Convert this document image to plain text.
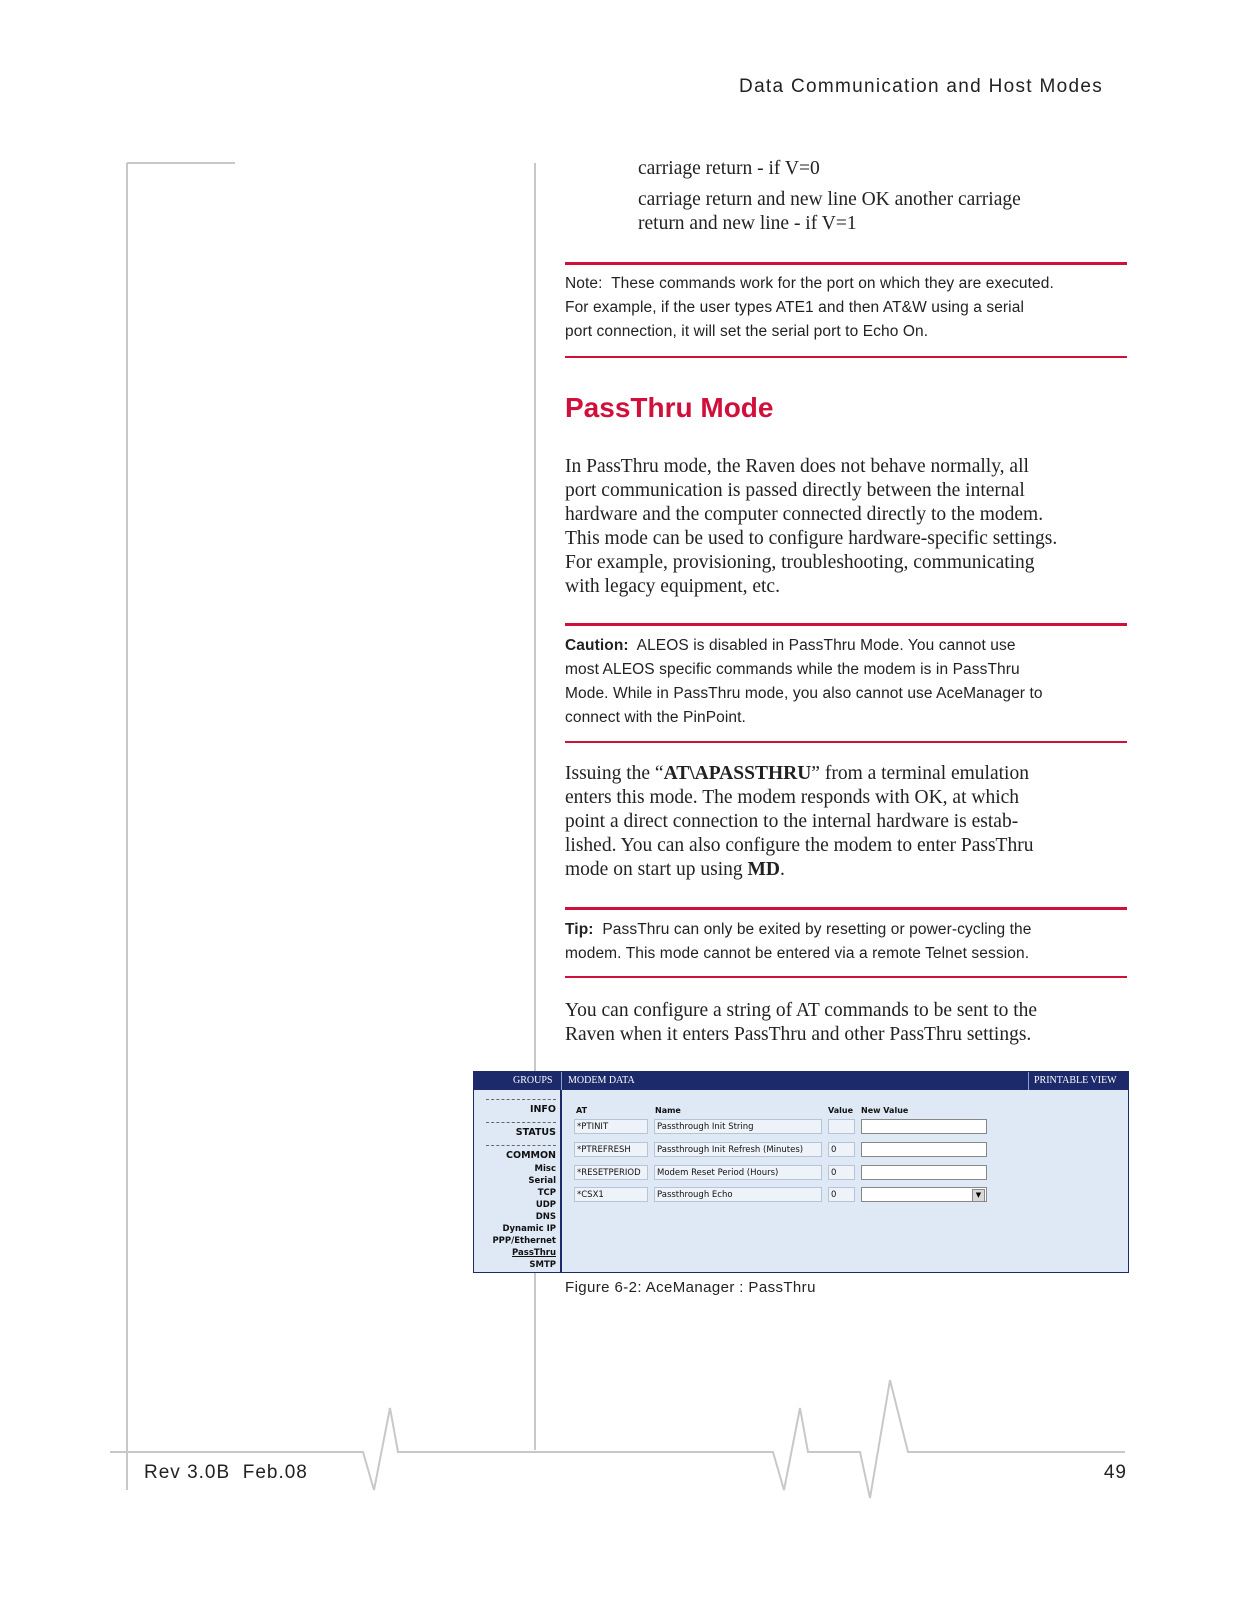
Data Communication and Host Modes
carriage return - if V=0
carriage return and new line OK another carriage
return and new line - if V=1
Note: These commands work for the port on which they are executed.
For example, if the user types ATE1 and then AT&W using a serial
port connection, it will set the serial port to Echo On.
PassThru Mode
In PassThru mode, the Raven does not behave normally, all
port communication is passed directly between the internal
hardware and the computer connected directly to the modem.
This mode can be used to configure hardware-specific settings.
For example, provisioning, troubleshooting, communicating
with legacy equipment, etc.
Caution: ALEOS is disabled in PassThru Mode. You cannot use
most ALEOS specific commands while the modem is in PassThru
Mode. While in PassThru mode, you also cannot use AceManager to
connect with the PinPoint.
Issuing the “AT\APASSTHRU” from a terminal emulation
enters this mode. The modem responds with OK, at which
point a direct connection to the internal hardware is estab-
lished. You can also configure the modem to enter PassThru
mode on start up using MD.
Tip: PassThru can only be exited by resetting or power-cycling the
modem. This mode cannot be entered via a remote Telnet session.
You can configure a string of AT commands to be sent to the
Raven when it enters PassThru and other PassThru settings.
GROUPS MODEM DATA	PRINTABLE VIEW
INFO
STATUS
COMMON
Misc
Serial
TCP
UDP
DNS
Dynamic IP
PPP/Ethernet
PassThru
SMTP
AT	Name	Value New Value
*PTINIT	Passthrough Init String
*PTREFRESH	Passthrough Init Refresh (Minutes)	0
*RESETPERIOD	Modem Reset Period (Hours)	0
*CSX1	Passthrough Echo	0	▼
Figure 6-2: AceManager : PassThru
Rev 3.0B  Feb.08	49
